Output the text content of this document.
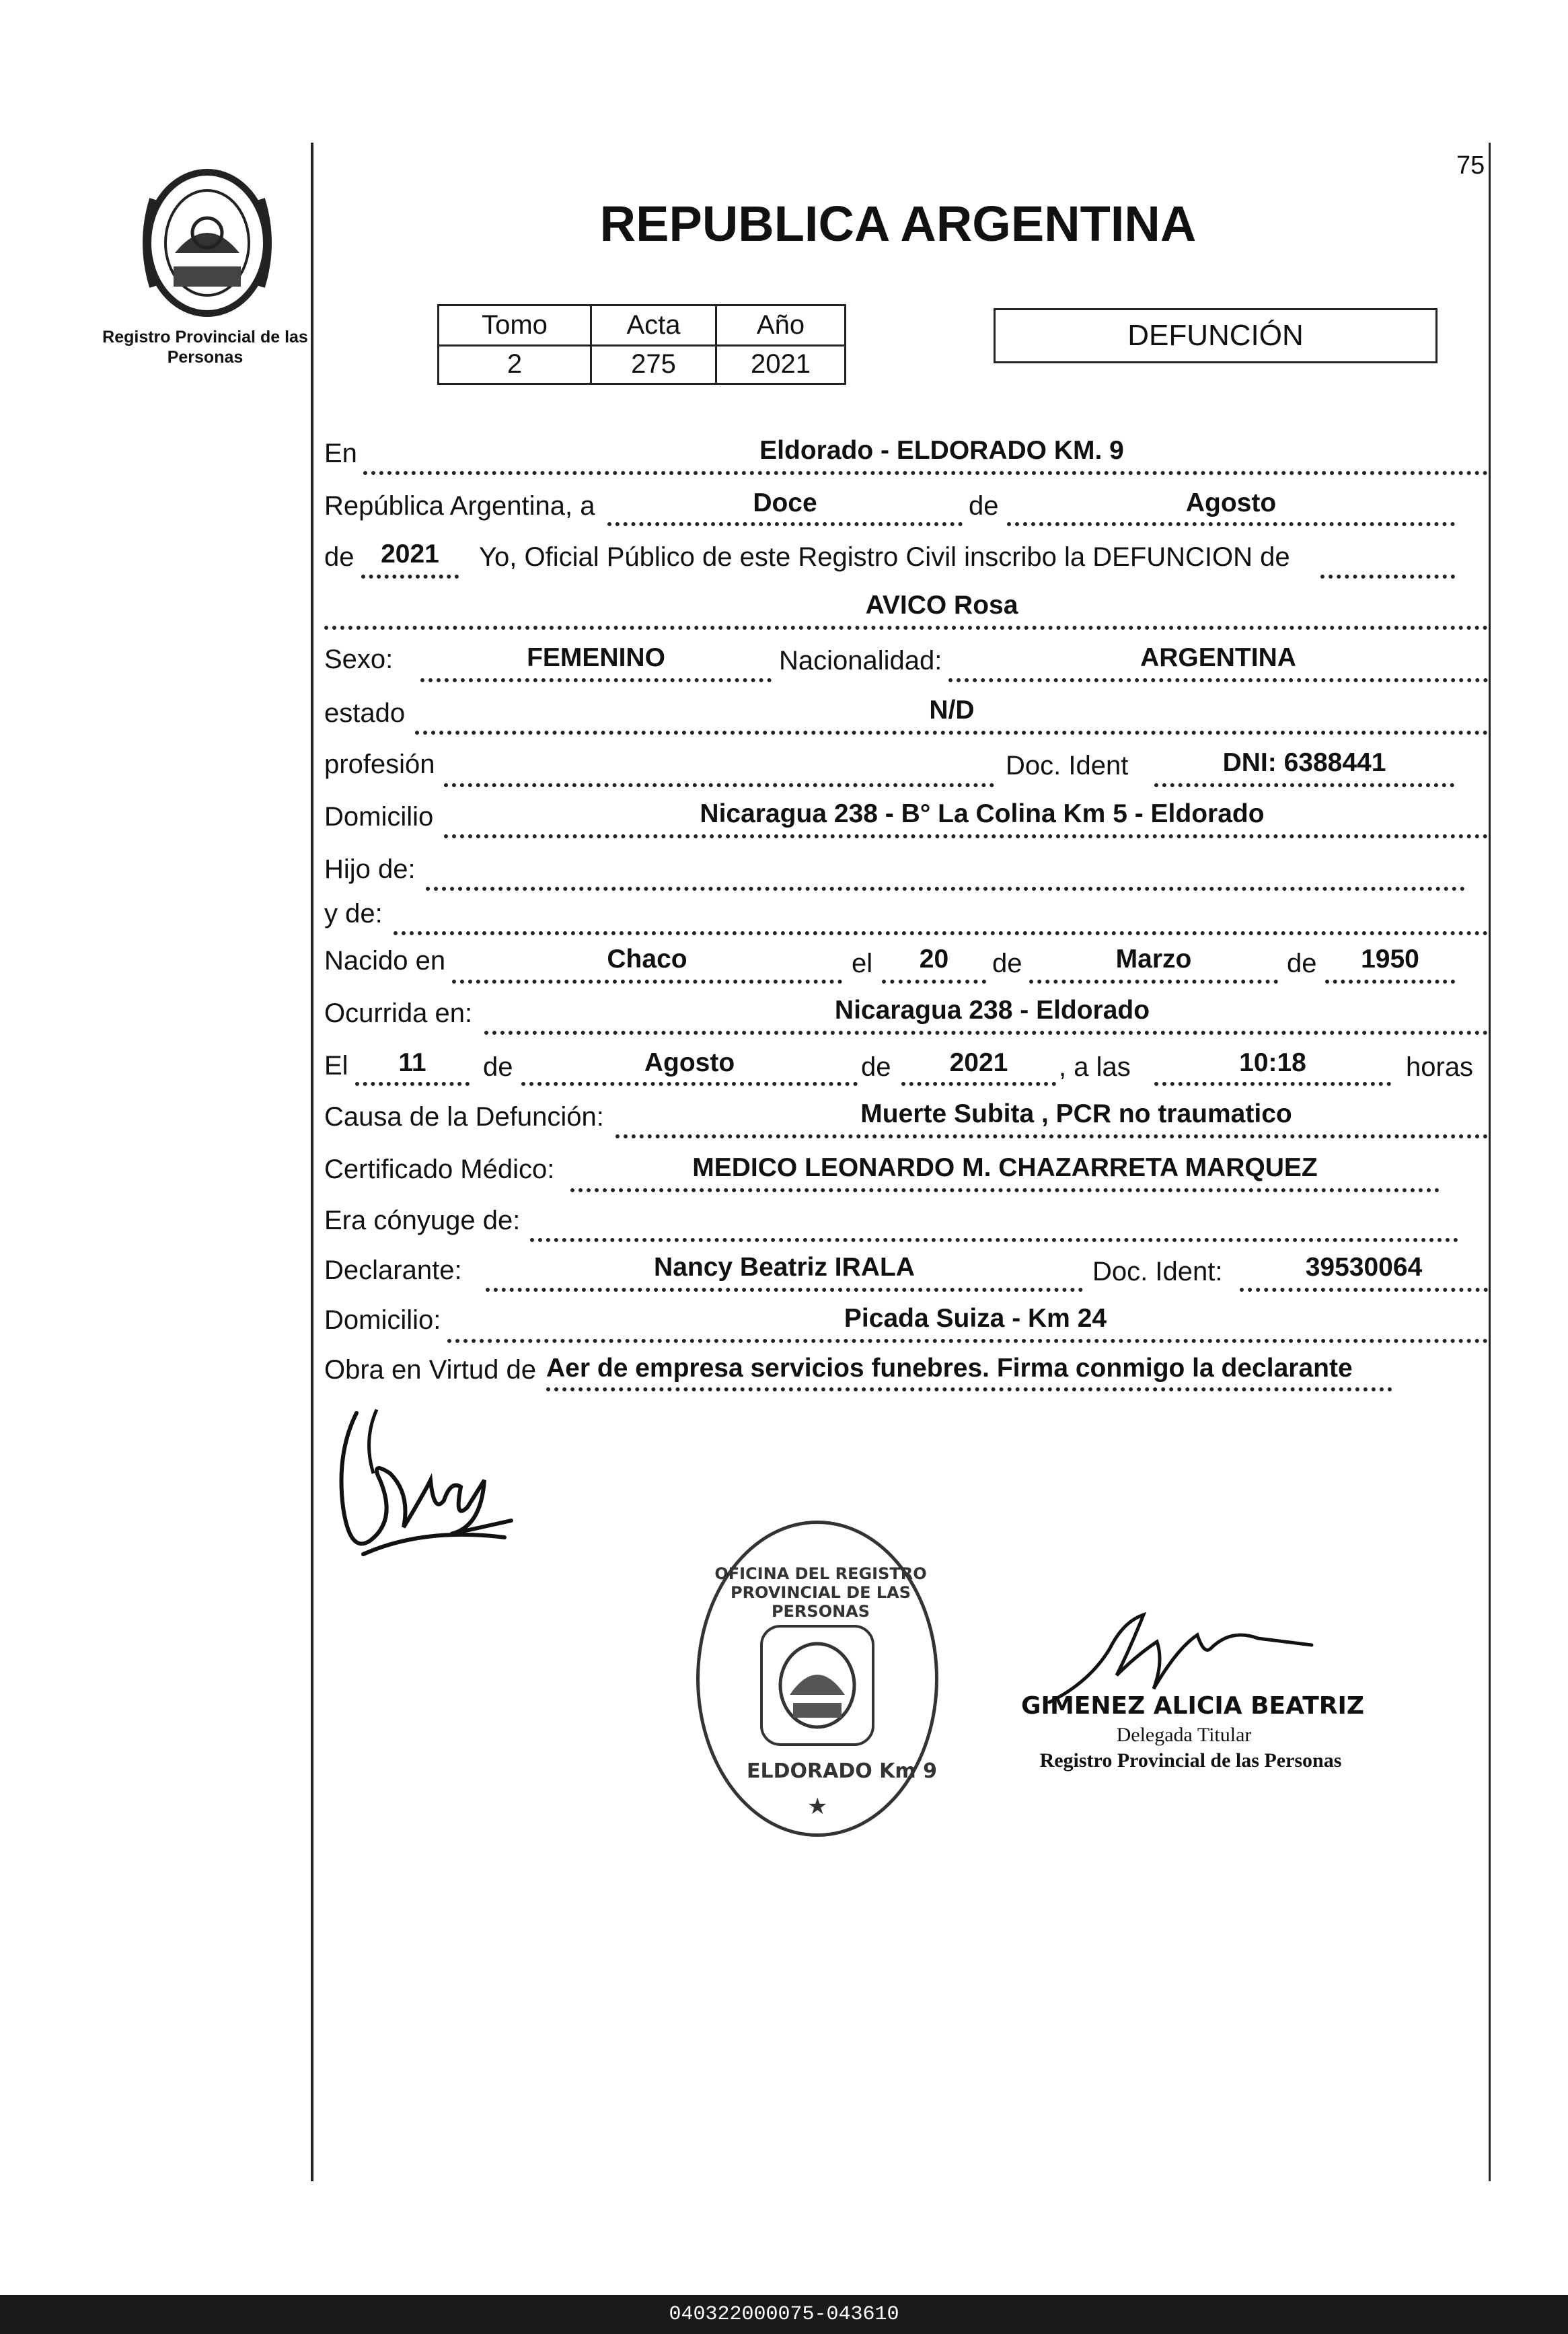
75
Registro Provincial de las Personas
REPUBLICA ARGENTINA
Tomo	Acta	Año
2	275	2021
DEFUNCIÓN
En	Eldorado - ELDORADO KM. 9
República Argentina, a	Doce	de	Agosto
de	2021	Yo, Oficial Público de este Registro Civil inscribo la DEFUNCION de
AVICO Rosa
Sexo:	FEMENINO	Nacionalidad:	ARGENTINA
estado	N/D
profesión	Doc. Ident	DNI: 6388441
Domicilio	Nicaragua 238 - B° La Colina Km 5 - Eldorado
Hijo de:
y de:
Nacido en	Chaco	el	20	de	Marzo	de	1950
Ocurrida en:	Nicaragua 238 - Eldorado
El	11	de	Agosto	de	2021	, a las	10:18	horas
Causa de la Defunción:	Muerte Subita , PCR no traumatico
Certificado Médico:	MEDICO LEONARDO M. CHAZARRETA MARQUEZ
Era cónyuge de:
Declarante:	Nancy Beatriz IRALA	Doc. Ident:	39530064
Domicilio:	Picada Suiza - Km 24
Obra en Virtud de Aer de empresa servicios funebres. Firma conmigo la declarante
OFICINA DEL REGISTRO PROVINCIAL DE LAS PERSONAS
ELDORADO Km 9
★
GIMENEZ ALICIA BEATRIZ
Delegada Titular
Registro Provincial de las Personas
040322000075-043610
